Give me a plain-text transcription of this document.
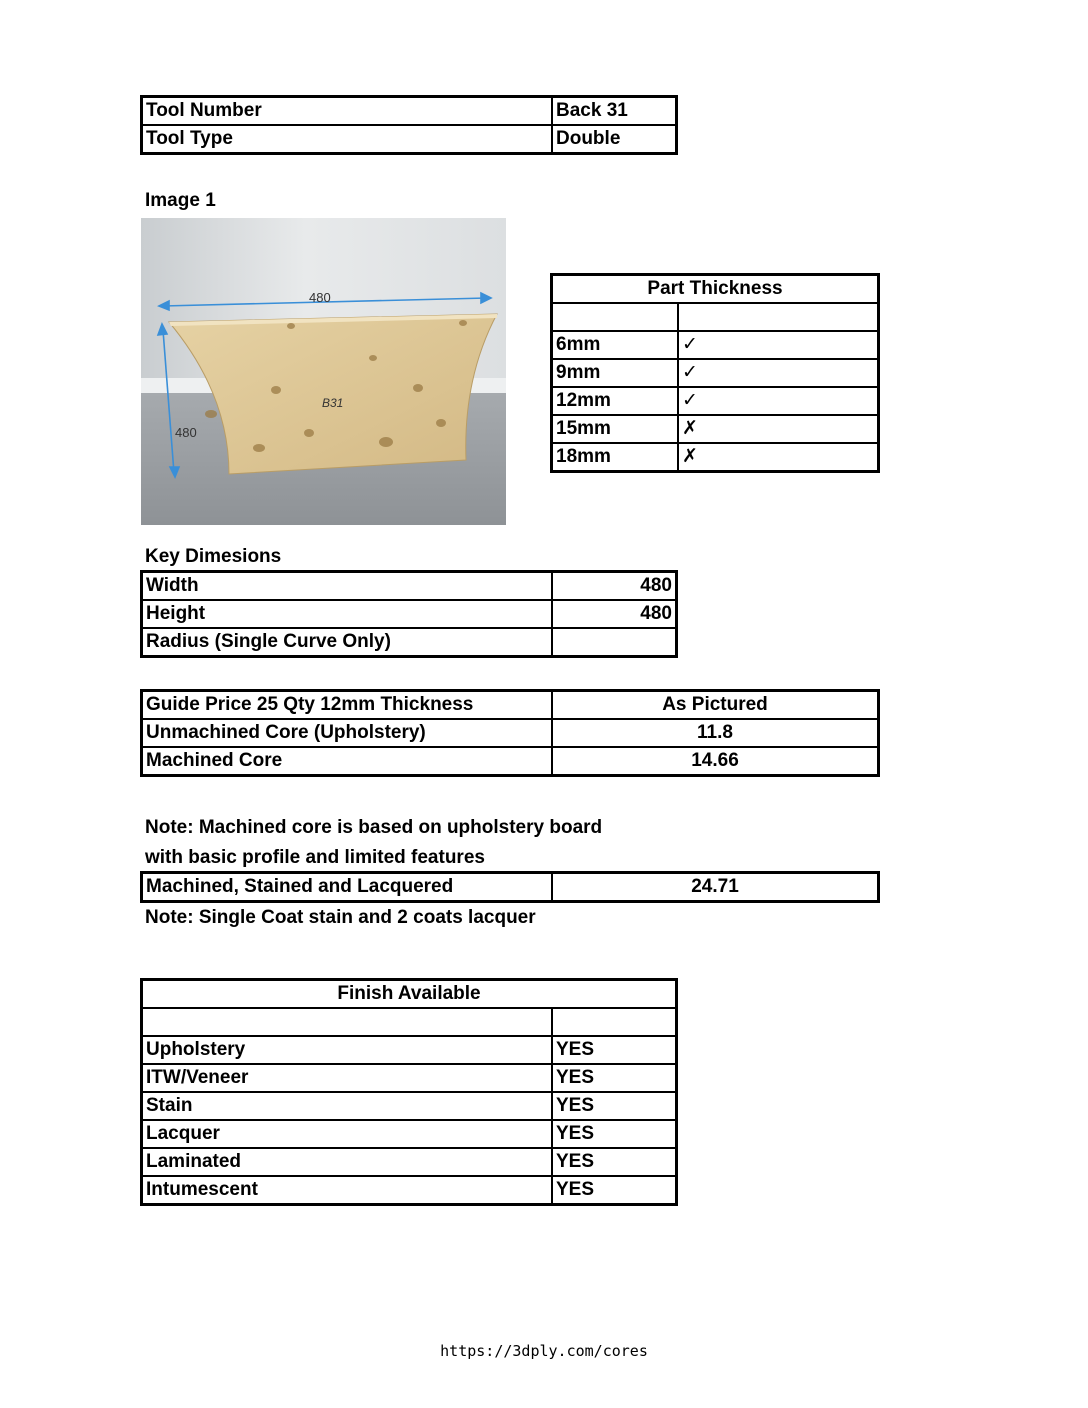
Tool Number	Back 31
Tool Type	Double
Image 1
B31
480
480
Part Thickness	

6mm	✓
9mm	✓
12mm	✓
15mm	✗
18mm	✗
Key Dimesions
Width	480
Height	480
Radius (Single Curve Only)	
Guide Price 25 Qty 12mm Thickness	As Pictured
Unmachined Core (Upholstery)	11.8
Machined Core	14.66
Note: Machined core is based on upholstery board
with basic profile and limited features
Machined, Stained and Lacquered	24.71
Note: Single Coat stain and 2 coats lacquer
Finish Available	

Upholstery	YES
ITW/Veneer	YES
Stain	YES
Lacquer	YES
Laminated	YES
Intumescent	YES
https://3dply.com/cores
